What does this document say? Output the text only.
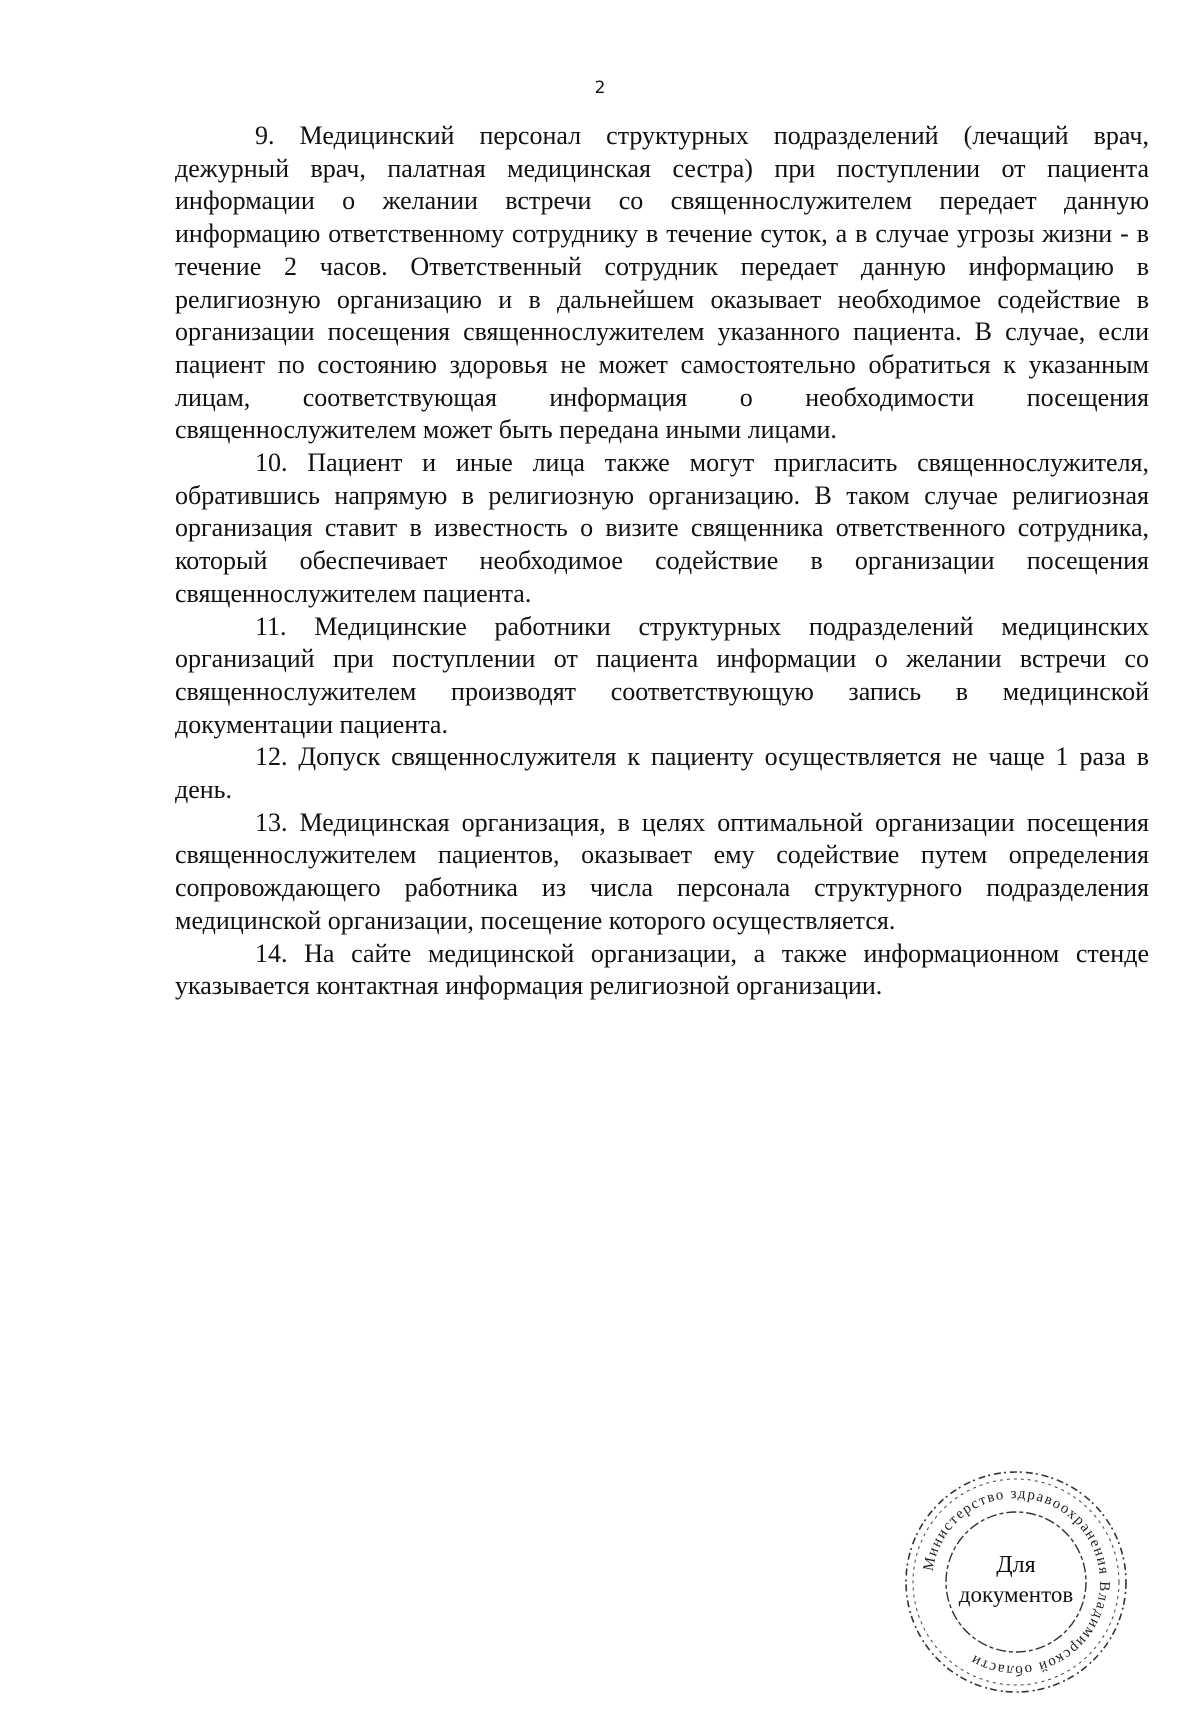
2

9. Медицинский персонал структурных подразделений (лечащий врач, дежурный врач, палатная медицинская сестра) при поступлении от пациента информации о желании встречи со священнослужителем передает данную информацию ответственному сотруднику в течение суток, а в случае угрозы жизни - в течение 2 часов. Ответственный сотрудник передает данную информацию в религиозную организацию и в дальнейшем оказывает необходимое содействие в организации посещения священнослужителем указанного пациента. В случае, если пациент по состоянию здоровья не может самостоятельно обратиться к указанным лицам, соответствующая информация о необходимости посещения священнослужителем может быть передана иными лицами.

10. Пациент и иные лица также могут пригласить священнослужителя, обратившись напрямую в религиозную организацию. В таком случае религиозная организация ставит в известность о визите священника ответственного сотрудника, который обеспечивает необходимое содействие в организации посещения священнослужителем пациента.

11. Медицинские работники структурных подразделений медицинских организаций при поступлении от пациента информации о желании встречи со священнослужителем производят соответствующую запись в медицинской документации пациента.

12. Допуск священнослужителя к пациенту осуществляется не чаще 1 раза в день.

13. Медицинская организация, в целях оптимальной организации посещения священнослужителем пациентов, оказывает ему содействие путем определения сопровождающего работника из числа персонала структурного подразделения медицинской организации, посещение которого осуществляется.

14. На сайте медицинской организации, а также информационном стенде указывается контактная информация религиозной организации.

Министерство здравоохранения Владимирской области
Для
документов
